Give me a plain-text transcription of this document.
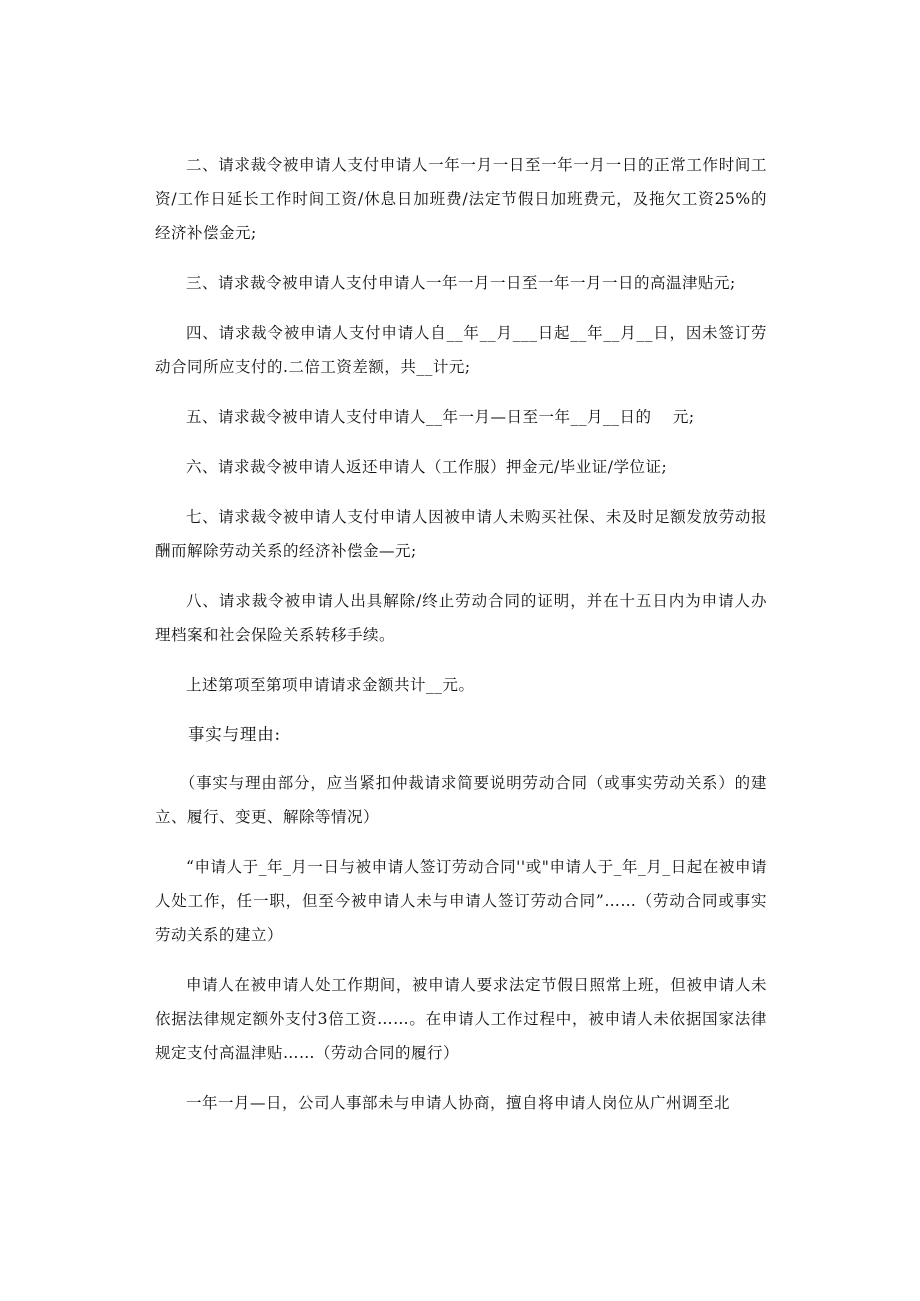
二、请求裁令被申请人支付申请人一年一月一日至一年一月一日的正常工作时间工资/工作日延长工作时间工资/休息日加班费/法定节假日加班费元，及拖欠工资25%的经济补偿金元;

三、请求裁令被申请人支付申请人一年一月一日至一年一月一日的高温津贴元;

四、请求裁令被申请人支付申请人自__年__月___日起__年__月__日，因未签订劳动合同所应支付的.二倍工资差额，共__计元;

五、请求裁令被申请人支付申请人__年一月—日至一年__月__日的　 元;

六、请求裁令被申请人返还申请人（工作服）押金元/毕业证/学位证;

七、请求裁令被申请人支付申请人因被申请人未购买社保、未及时足额发放劳动报酬而解除劳动关系的经济补偿金—元;

八、请求裁令被申请人出具解除/终止劳动合同的证明，并在十五日内为申请人办理档案和社会保险关系转移手续。

上述第项至第项申请请求金额共计__元。

事实与理由:

（事实与理由部分，应当紧扣仲裁请求简要说明劳动合同（或事实劳动关系）的建立、履行、变更、解除等情况）

“申请人于_年_月一日与被申请人签订劳动合同''或"申请人于_年_月_日起在被申请人处工作，任一职，但至今被申请人未与申请人签订劳动合同”……（劳动合同或事实劳动关系的建立）

申请人在被申请人处工作期间，被申请人要求法定节假日照常上班，但被申请人未依据法律规定额外支付3倍工资……。在申请人工作过程中，被申请人未依据国家法律规定支付高温津贴……（劳动合同的履行）

一年一月—日，公司人事部未与申请人协商，擅自将申请人岗位从广州调至北
